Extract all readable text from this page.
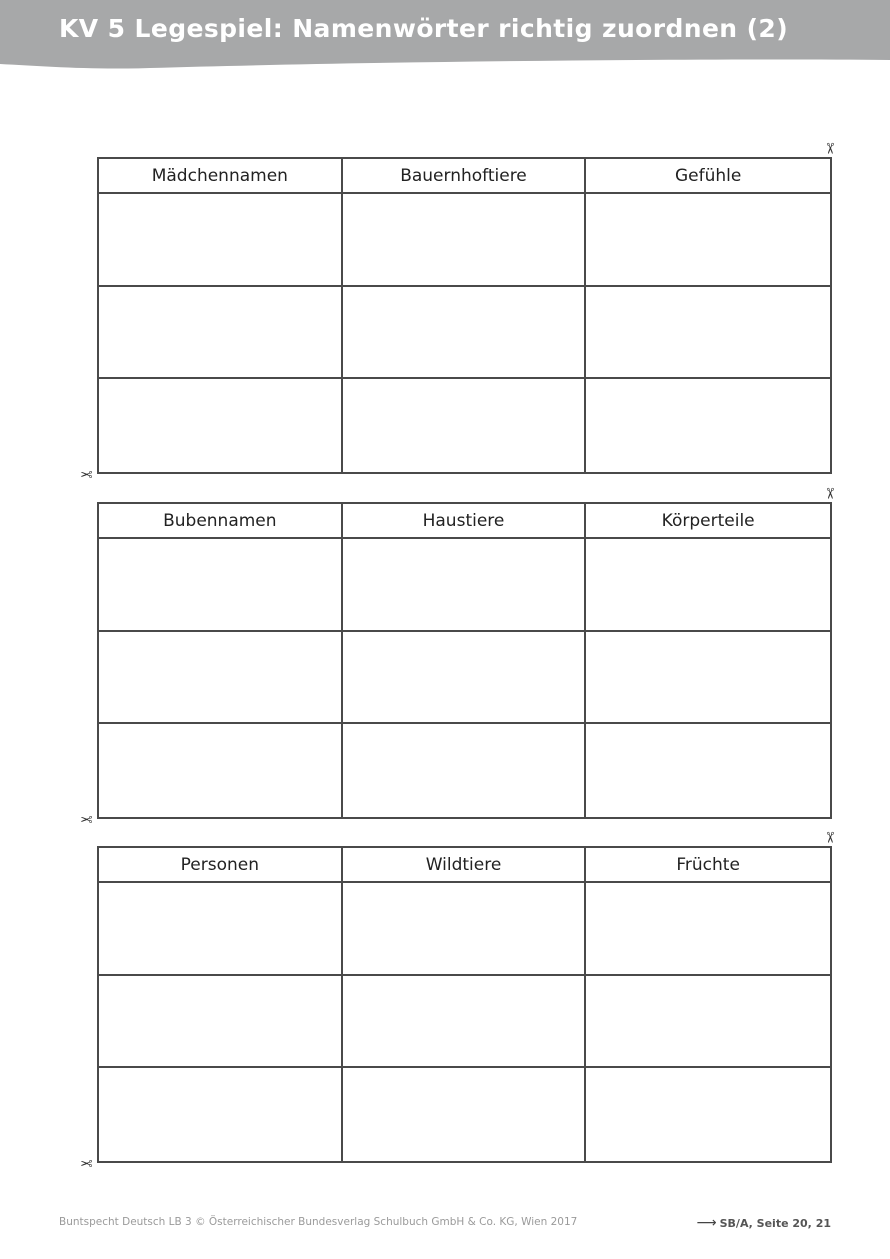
KV 5 Legespiel: Namenwörter richtig zuordnen (2)
✂
Mädchennamen	Bauernhoftiere	Gefühle
✂
✂
Bubennamen	Haustiere	Körperteile
✂
✂
Personen	Wildtiere	Früchte
✂
Buntspecht Deutsch LB 3 © Österreichischer Bundesverlag Schulbuch GmbH & Co. KG, Wien 2017	⟶ SB/A, Seite 20, 21
